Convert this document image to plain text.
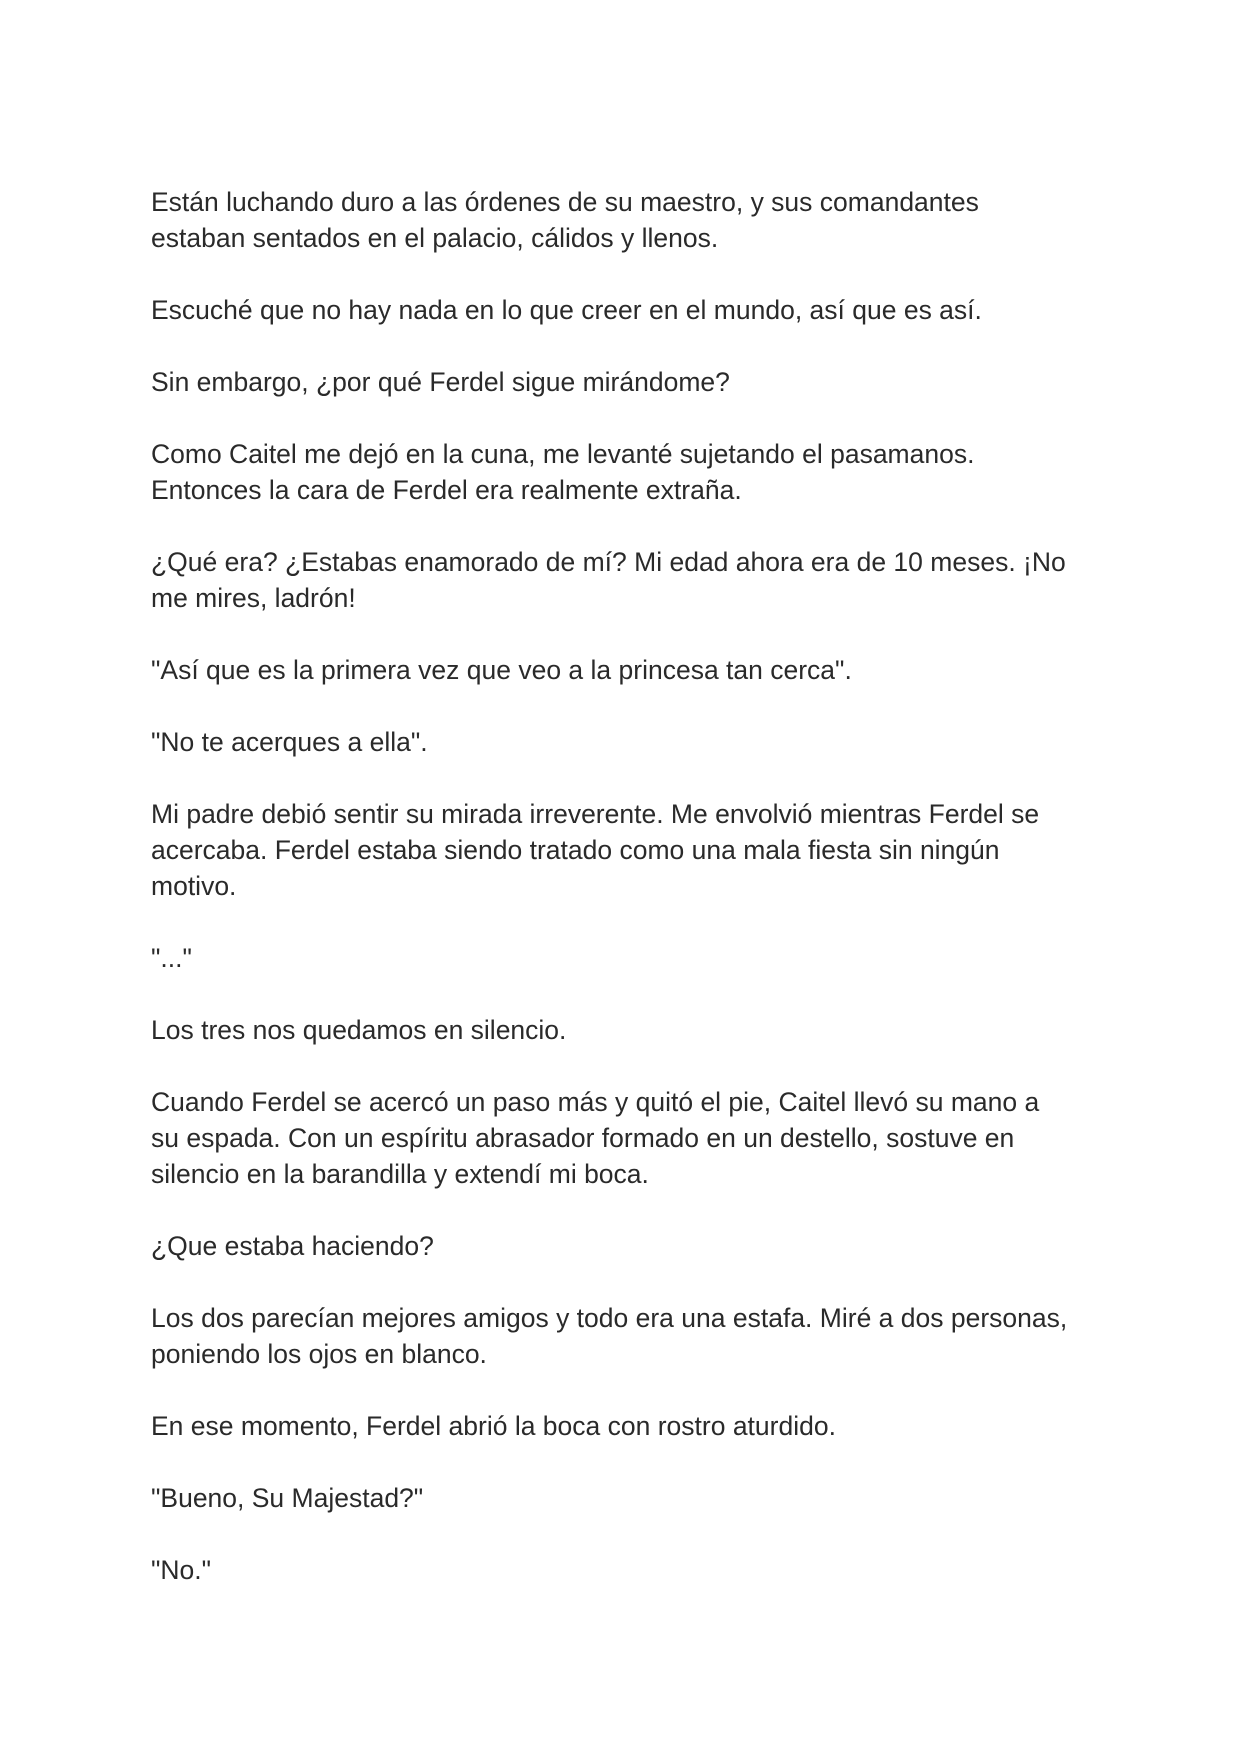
Están luchando duro a las órdenes de su maestro, y sus comandantes
estaban sentados en el palacio, cálidos y llenos.

Escuché que no hay nada en lo que creer en el mundo, así que es así.

Sin embargo, ¿por qué Ferdel sigue mirándome?

Como Caitel me dejó en la cuna, me levanté sujetando el pasamanos.
Entonces la cara de Ferdel era realmente extraña.

¿Qué era? ¿Estabas enamorado de mí? Mi edad ahora era de 10 meses. ¡No
me mires, ladrón!

"Así que es la primera vez que veo a la princesa tan cerca".

"No te acerques a ella".

Mi padre debió sentir su mirada irreverente. Me envolvió mientras Ferdel se
acercaba. Ferdel estaba siendo tratado como una mala fiesta sin ningún
motivo.

"..."

Los tres nos quedamos en silencio.

Cuando Ferdel se acercó un paso más y quitó el pie, Caitel llevó su mano a
su espada. Con un espíritu abrasador formado en un destello, sostuve en
silencio en la barandilla y extendí mi boca.

¿Que estaba haciendo?

Los dos parecían mejores amigos y todo era una estafa. Miré a dos personas,
poniendo los ojos en blanco.

En ese momento, Ferdel abrió la boca con rostro aturdido.

"Bueno, Su Majestad?"

"No."
